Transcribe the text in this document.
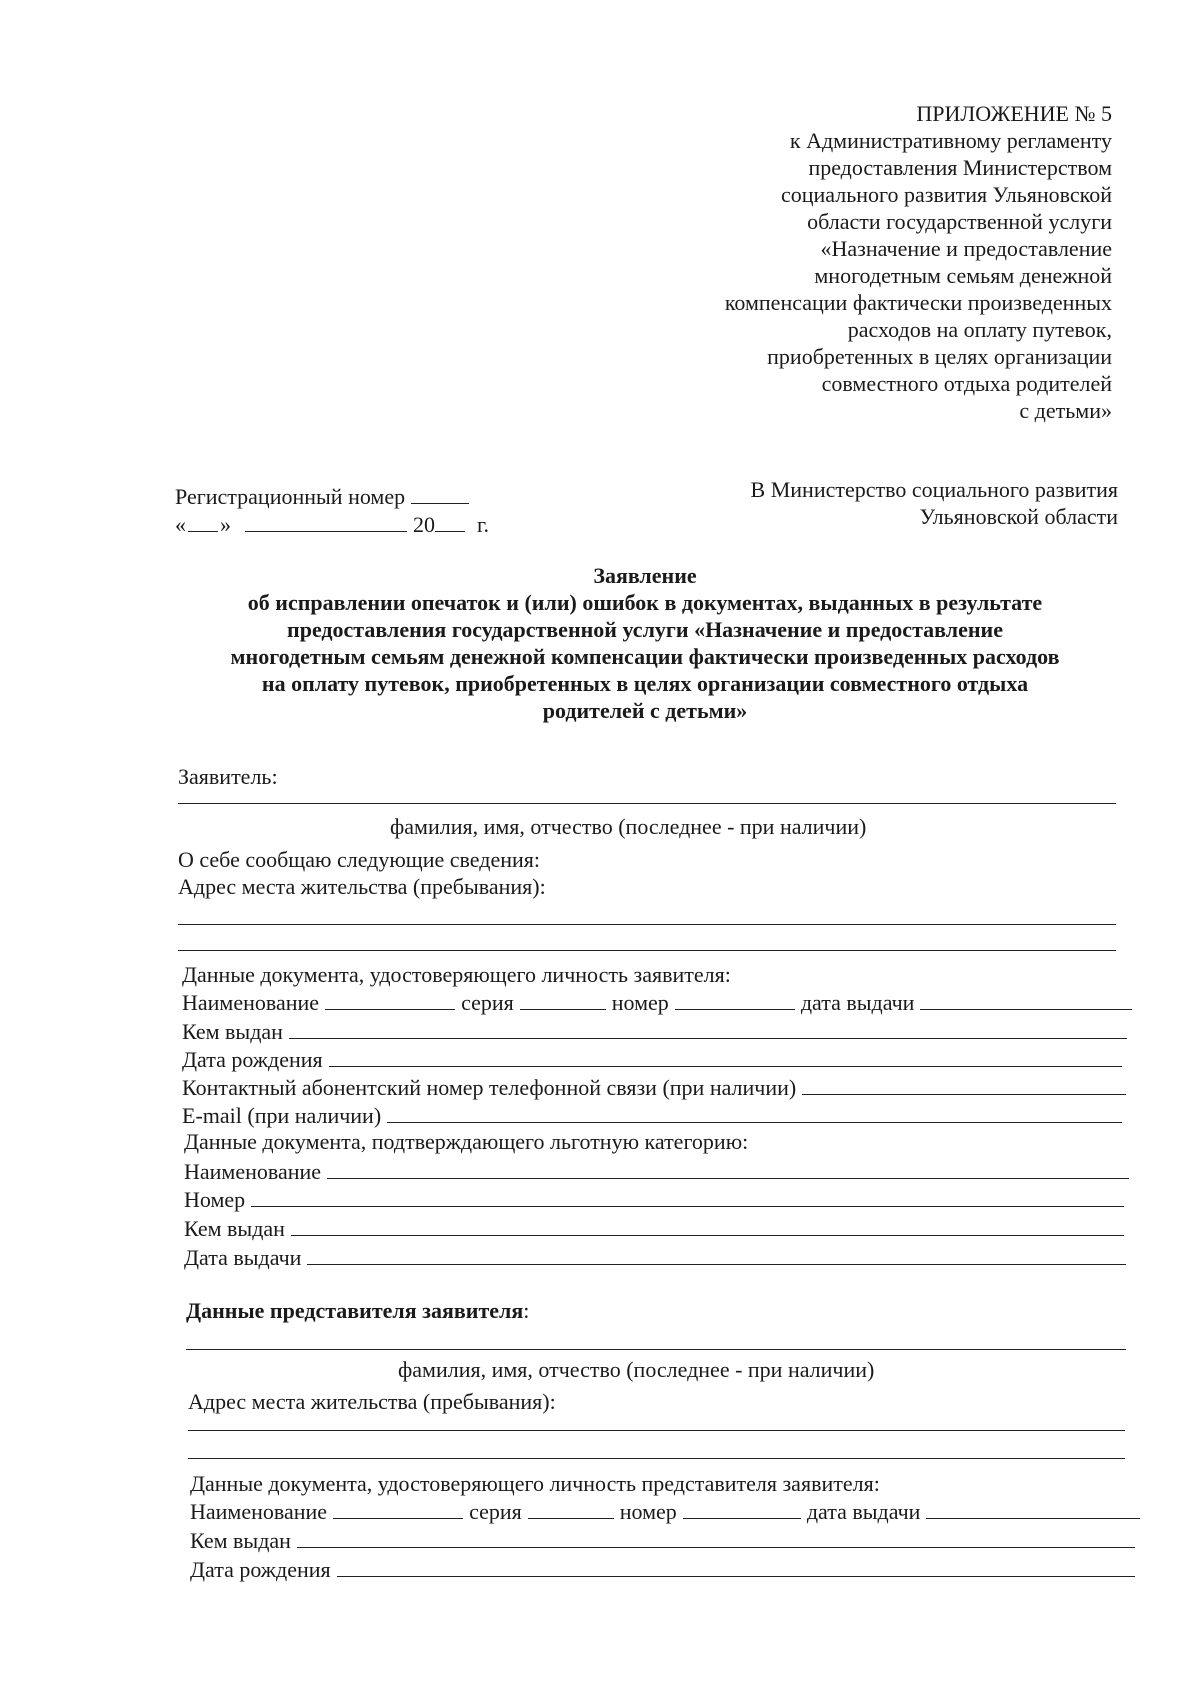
ПРИЛОЖЕНИЕ № 5
к Административному регламенту
предоставления Министерством
социального развития Ульяновской
области государственной услуги
«Назначение и предоставление
многодетным семьям денежной
компенсации фактически произведенных
расходов на оплату путевок,
приобретенных в целях организации
совместного отдыха родителей
с детьми»
Регистрационный номер
« »	20 г.
В Министерство социального развития
Ульяновской области
Заявление
об исправлении опечаток и (или) ошибок в документах, выданных в результате
предоставления государственной услуги «Назначение и предоставление
многодетным семьям денежной компенсации фактически произведенных расходов
на оплату путевок, приобретенных в целях организации совместного отдыха
родителей с детьми»
Заявитель:
фамилия, имя, отчество (последнее - при наличии)
О себе сообщаю следующие сведения:
Адрес места жительства (пребывания):
Данные документа, удостоверяющего личность заявителя:
Наименование	серия	номер	дата выдачи
Кем выдан
Дата рождения
Контактный абонентский номер телефонной связи (при наличии)
E-mail (при наличии)
Данные документа, подтверждающего льготную категорию:
Наименование
Номер
Кем выдан
Дата выдачи
Данные представителя заявителя:
фамилия, имя, отчество (последнее - при наличии)
Адрес места жительства (пребывания):
Данные документа, удостоверяющего личность представителя заявителя:
Наименование	серия	номер	дата выдачи
Кем выдан
Дата рождения
